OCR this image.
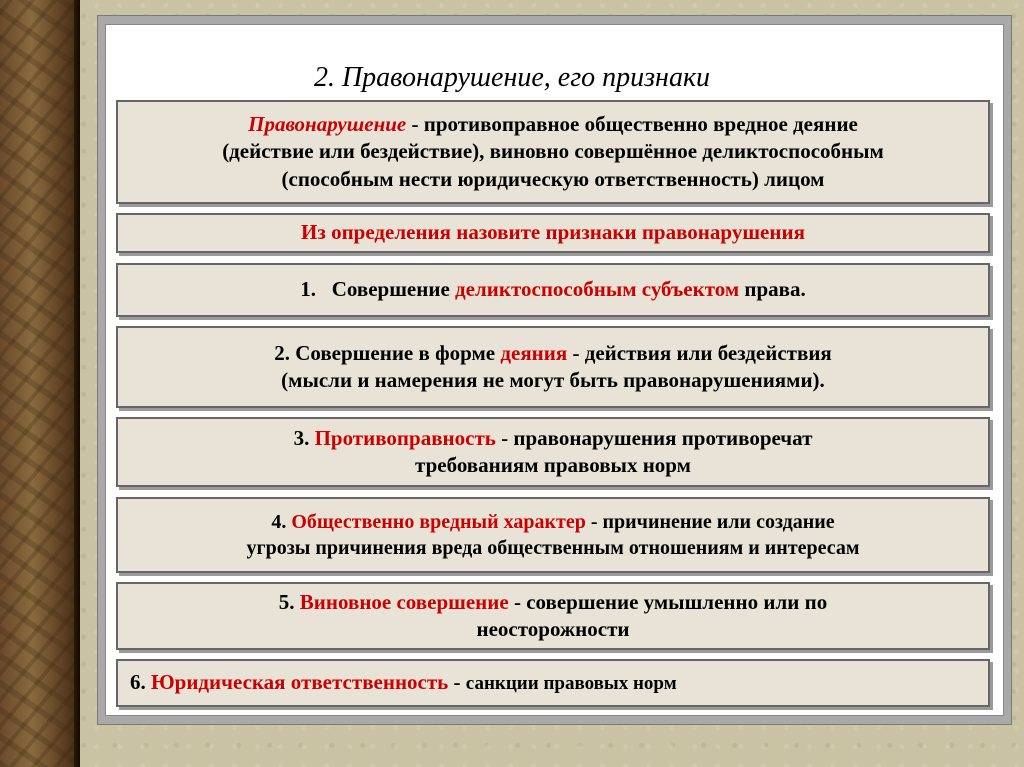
2. Правонарушение, его признаки
Правонарушение - противоправное общественно вредное деяние
(действие или бездействие), виновно совершённое деликтоспособным
(способным нести юридическую ответственность) лицом
Из определения назовите признаки правонарушения
1.   Совершение деликтоспособным субъектом права.
2. Совершение в форме деяния - действия или бездействия
(мысли и намерения не могут быть правонарушениями).
3. Противоправность - правонарушения противоречат
требованиям правовых норм
4. Общественно вредный характер - причинение или создание
угрозы причинения вреда общественным отношениям и интересам
5. Виновное совершение - совершение умышленно или по
неосторожности
6. Юридическая ответственность - санкции правовых норм
